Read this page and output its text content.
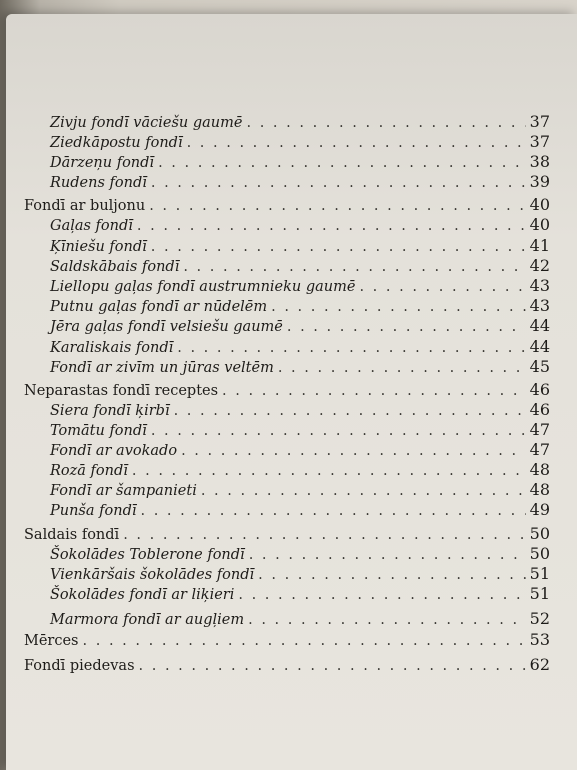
Zivju fondī vāciešu gaumē . . .	37
Ziedkāpostu fondī . . .	37
Dārzeņu fondī . . .	38
Rudens fondī . . .	39
Fondī ar buljonu . . .	40
Gaļas fondī . . .	40
Ķīniešu fondī . . .	41
Saldskābais fondī . . .	42
Liellopu gaļas fondī austrumnieku gaumē . . .	43
Putnu gaļas fondī ar nūdelēm . . .	43
Jēra gaļas fondī velsiešu gaumē . . .	44
Karaliskais fondī . . .	44
Fondī ar zivīm un jūras veltēm . . .	45
Neparastas fondī receptes . . .	46
Siera fondī ķirbī . . .	46
Tomātu fondī . . .	47
Fondī ar avokado . . .	47
Rozā fondī . . .	48
Fondī ar šampanieti . . .	48
Punša fondī . . .	49
Saldais fondī . . .	50
Šokolādes Toblerone fondī . . .	50
Vienkāršais šokolādes fondī . . .	51
Šokolādes fondī ar liķieri . . .	51
Marmora fondī ar augļiem . . .	52
Mērces . . .	53
Fondī piedevas . . .	62
